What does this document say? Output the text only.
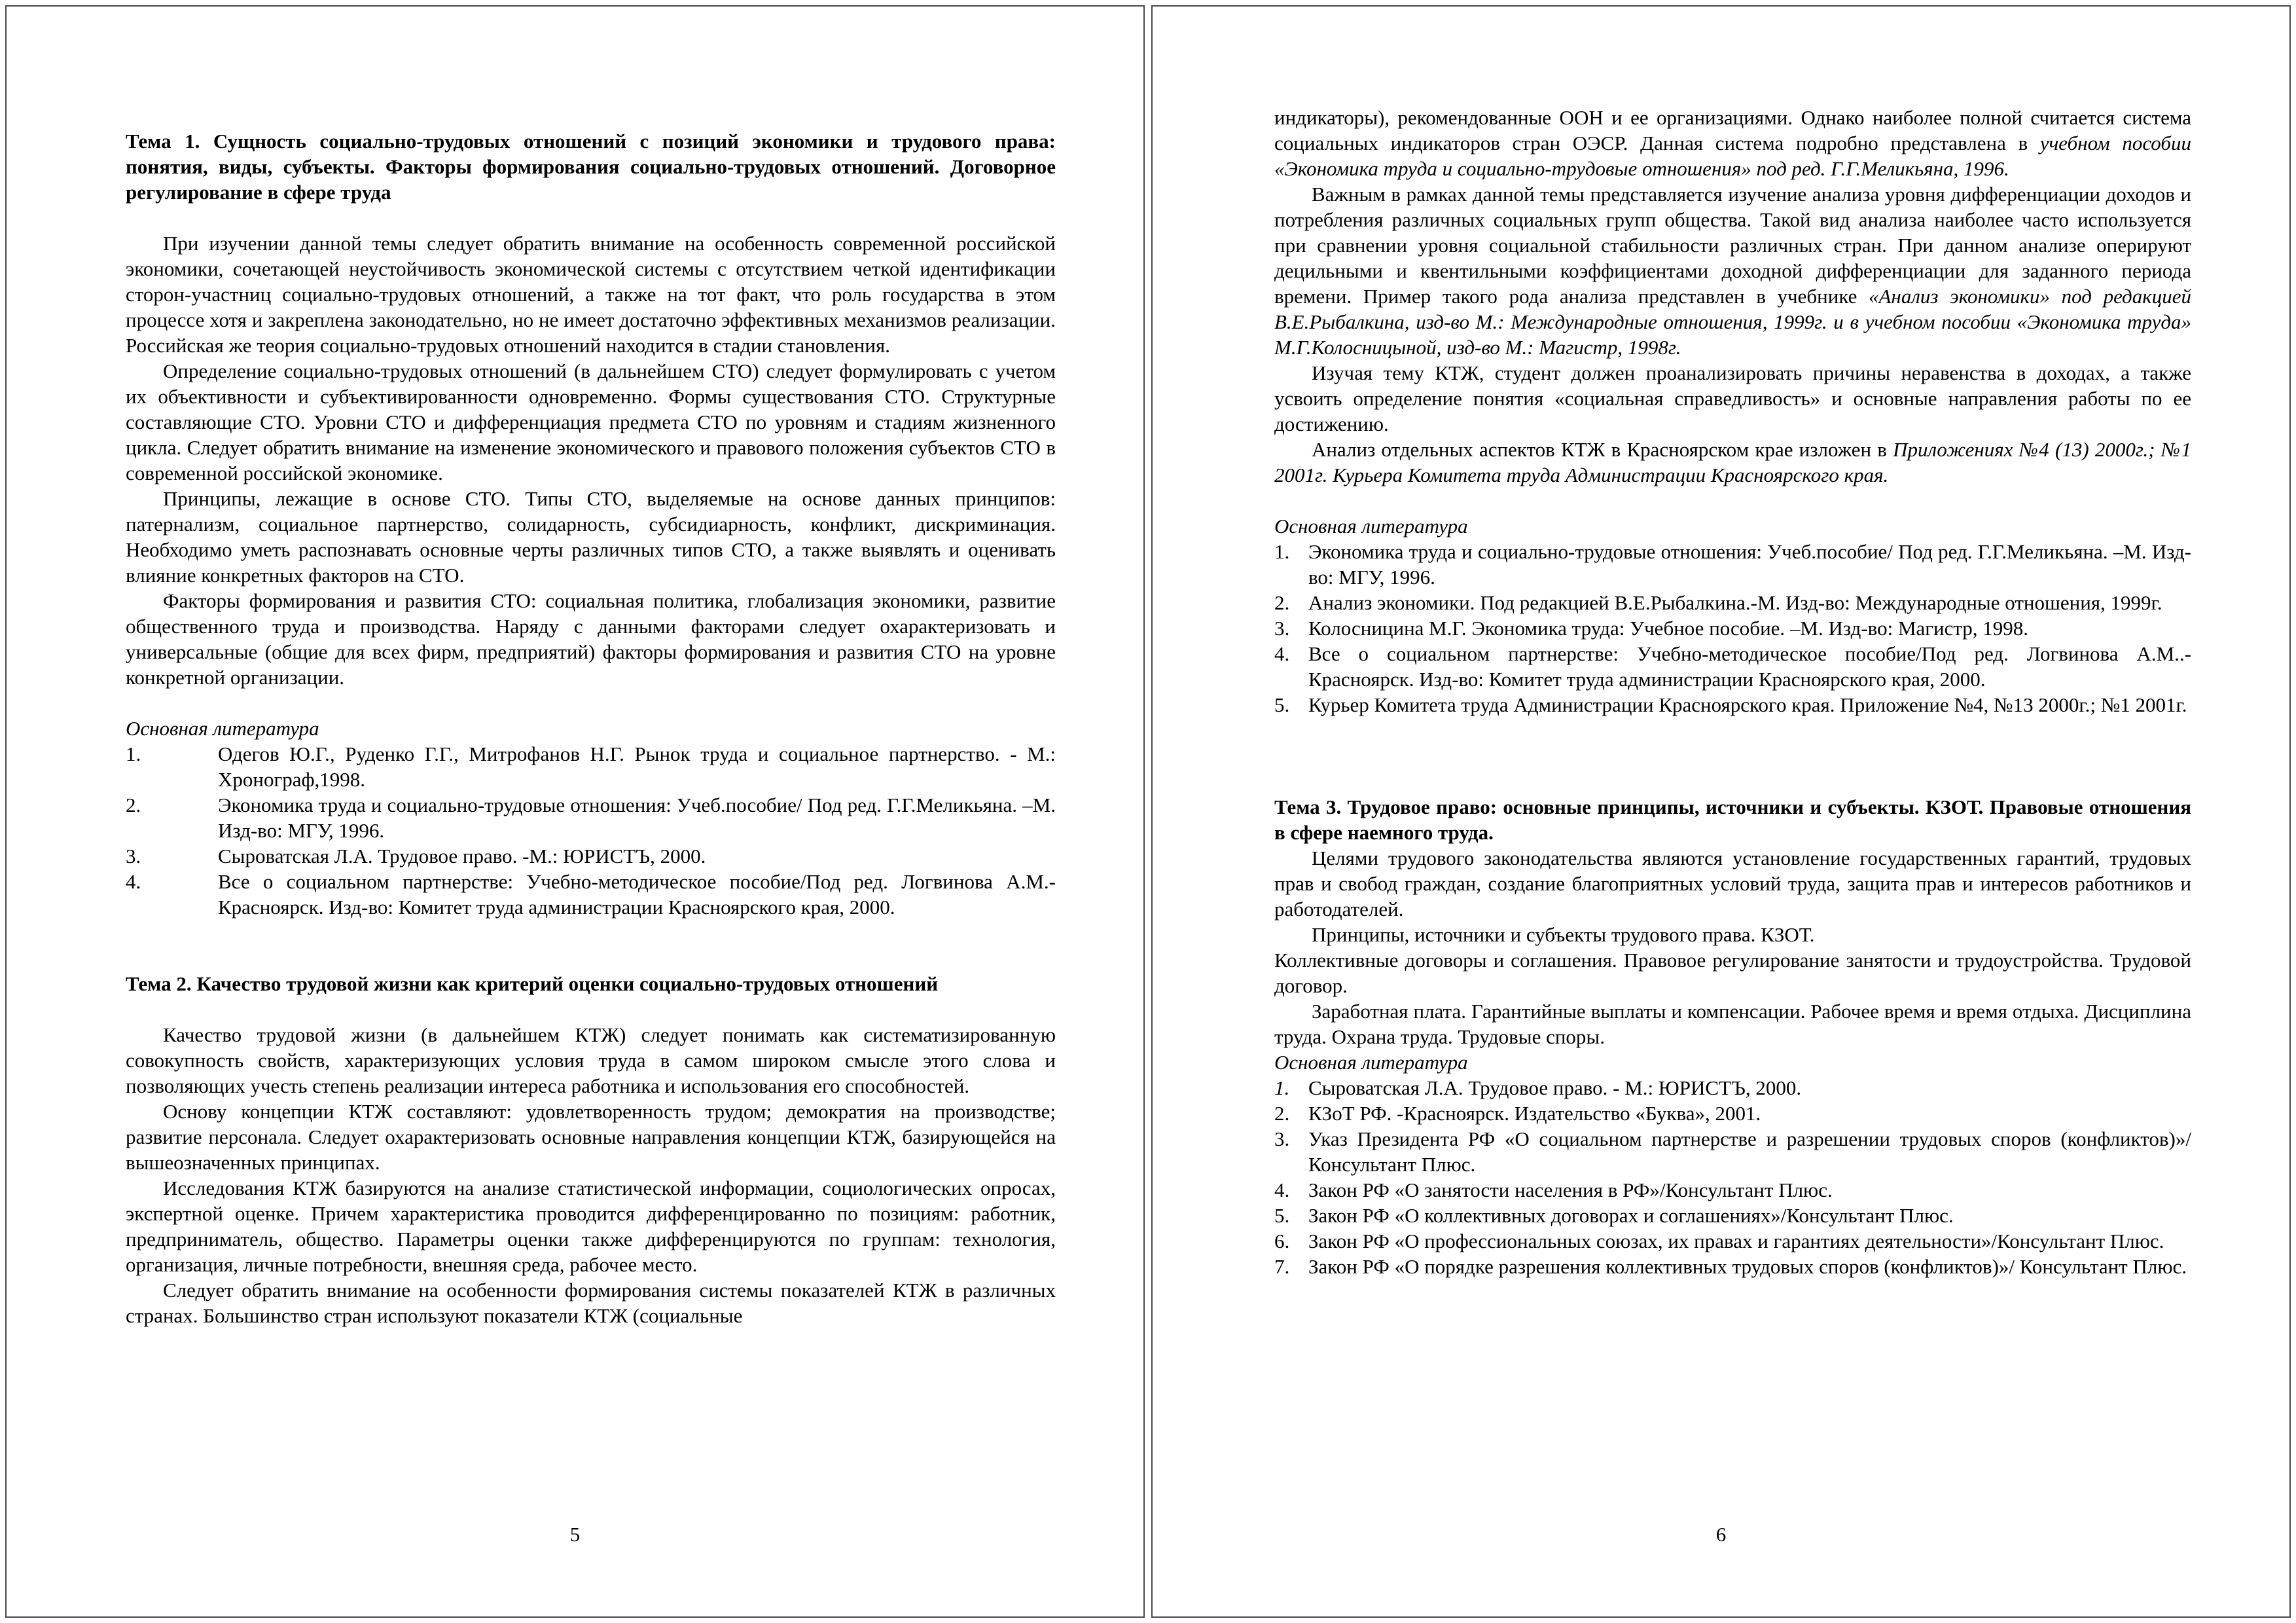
Тема 1. Сущность социально-трудовых отношений с позиций экономики и трудового права: понятия, виды, субъекты. Факторы формирования социально-трудовых отношений. Договорное регулирование в сфере труда

При изучении данной темы следует обратить внимание на особенность современной российской экономики, сочетающей неустойчивость экономической системы с отсутствием четкой идентификации сторон-участниц социально-трудовых отношений, а также на тот факт, что роль государства в этом процессе хотя и закреплена законодательно, но не имеет достаточно эффективных механизмов реализации. Российская же теория социально-трудовых отношений находится в стадии становления.

Определение социально-трудовых отношений (в дальнейшем СТО) следует формулировать с учетом их объективности и субъективированности одновременно. Формы существования СТО. Структурные составляющие СТО. Уровни СТО и дифференциация предмета СТО по уровням и стадиям жизненного цикла. Следует обратить внимание на изменение экономического и правового положения субъектов СТО в современной российской экономике.

Принципы, лежащие в основе СТО. Типы СТО, выделяемые на основе данных принципов: патернализм, социальное партнерство, солидарность, субсидиарность, конфликт, дискриминация. Необходимо уметь распознавать основные черты различных типов СТО, а также выявлять и оценивать влияние конкретных факторов на СТО.

Факторы формирования и развития СТО: социальная политика, глобализация экономики, развитие общественного труда и производства. Наряду с данными факторами следует охарактеризовать и универсальные (общие для всех фирм, предприятий) факторы формирования и развития СТО на уровне конкретной организации.

Основная литература

1.	Одегов Ю.Г., Руденко Г.Г., Митрофанов Н.Г. Рынок труда и социальное партнерство. - М.: Хронограф,1998.
2.	Экономика труда и социально-трудовые отношения: Учеб.пособие/ Под ред. Г.Г.Меликьяна. –М. Изд-во: МГУ, 1996.
3.	Сыроватская Л.А. Трудовое право. -М.: ЮРИСТЪ, 2000.
4.	Все о социальном партнерстве: Учебно-методическое пособие/Под ред. Логвинова А.М.- Красноярск. Изд-во: Комитет труда администрации Красноярского края, 2000.

Тема 2. Качество трудовой жизни как критерий оценки социально-трудовых отношений

Качество трудовой жизни (в дальнейшем КТЖ) следует понимать как систематизированную совокупность свойств, характеризующих условия труда в самом широком смысле этого слова и позволяющих учесть степень реализации интереса работника и использования его способностей.

Основу концепции КТЖ составляют: удовлетворенность трудом; демократия на производстве; развитие персонала. Следует охарактеризовать основные направления концепции КТЖ, базирующейся на вышеозначенных принципах.

Исследования КТЖ базируются на анализе статистической информации, социологических опросах, экспертной оценке. Причем характеристика проводится дифференцированно по позициям: работник, предприниматель, общество. Параметры оценки также дифференцируются по группам: технология, организация, личные потребности, внешняя среда, рабочее место.

Следует обратить внимание на особенности формирования системы показателей КТЖ в различных странах. Большинство стран используют показатели КТЖ (социальные

5

индикаторы), рекомендованные ООН и ее организациями. Однако наиболее полной считается система социальных индикаторов стран ОЭСР. Данная система подробно представлена в учебном пособии «Экономика труда и социально-трудовые отношения» под ред. Г.Г.Меликьяна, 1996.

Важным в рамках данной темы представляется изучение анализа уровня дифференциации доходов и потребления различных социальных групп общества. Такой вид анализа наиболее часто используется при сравнении уровня социальной стабильности различных стран. При данном анализе оперируют децильными и квентильными коэффициентами доходной дифференциации для заданного периода времени. Пример такого рода анализа представлен в учебнике «Анализ экономики» под редакцией В.Е.Рыбалкина, изд-во М.: Международные отношения, 1999г. и в учебном пособии «Экономика труда» М.Г.Колосницыной, изд-во М.: Магистр, 1998г.

Изучая тему КТЖ, студент должен проанализировать причины неравенства в доходах, а также усвоить определение понятия «социальная справедливость» и основные направления работы по ее достижению.

Анализ отдельных аспектов КТЖ в Красноярском крае изложен в Приложениях №4 (13) 2000г.; №1 2001г. Курьера Комитета труда Администрации Красноярского края.

Основная литература

1. Экономика труда и социально-трудовые отношения: Учеб.пособие/ Под ред. Г.Г.Меликьяна. –М. Изд-во: МГУ, 1996.
2. Анализ экономики. Под редакцией В.Е.Рыбалкина.-М. Изд-во: Международные отношения, 1999г.
3. Колосницина М.Г. Экономика труда: Учебное пособие. –М. Изд-во: Магистр, 1998.
4. Все о социальном партнерстве: Учебно-методическое пособие/Под ред. Логвинова А.М..-Красноярск. Изд-во: Комитет труда администрации Красноярского края, 2000.
5. Курьер Комитета труда Администрации Красноярского края. Приложение №4, №13 2000г.; №1 2001г.

Тема 3. Трудовое право: основные принципы, источники и субъекты. КЗОТ. Правовые отношения в сфере наемного труда.

Целями трудового законодательства являются установление государственных гарантий, трудовых прав и свобод граждан, создание благоприятных условий труда, защита прав и интересов работников и работодателей.

Принципы, источники и субъекты трудового права. КЗОТ.

Коллективные договоры и соглашения. Правовое регулирование занятости и трудоустройства. Трудовой договор.

Заработная плата. Гарантийные выплаты и компенсации. Рабочее время и время отдыха. Дисциплина труда. Охрана труда. Трудовые споры.

Основная литература

1. Сыроватская Л.А. Трудовое право. - М.: ЮРИСТЪ, 2000.
2. КЗоТ РФ. -Красноярск. Издательство «Буква», 2001.
3. Указ Президента РФ «О социальном партнерстве и разрешении трудовых споров (конфликтов)»/Консультант Плюс.
4. Закон РФ «О занятости населения в РФ»/Консультант Плюс.
5. Закон РФ «О коллективных договорах и соглашениях»/Консультант Плюс.
6. Закон РФ «О профессиональных союзах, их правах и гарантиях деятельности»/Консультант Плюс.
7. Закон РФ «О порядке разрешения коллективных трудовых споров (конфликтов)»/ Консультант Плюс.
6
